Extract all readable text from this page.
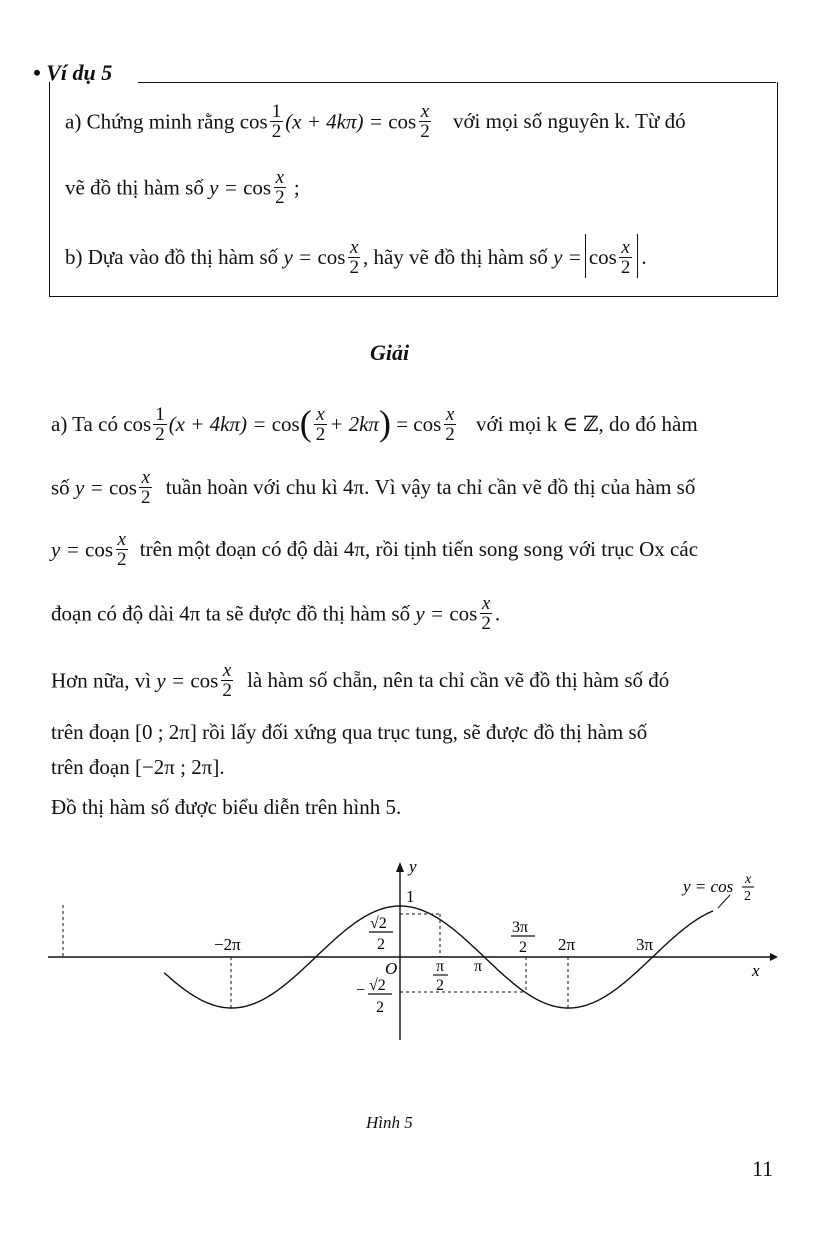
• Ví dụ 5
a) Chứng minh rằng $\cos \frac{1}{2} (x + 4k\pi) = \cos \frac{x}{2}$ với mọi số nguyên k. Từ đó
vẽ đồ thị hàm số $y = \cos \frac{x}{2}$ ;
b) Dựa vào đồ thị hàm số $y = \cos \frac{x}{2}$ , hãy vẽ đồ thị hàm số $y = \cos \frac{x}{2}$ .
Giải
a) Ta có $\cos \frac{1}{2} (x + 4k\pi) = \cos( \frac{x}{2} + 2k\pi) = \cos \frac{x}{2}$ với mọi k ∈ ℤ, do đó hàm
số $y = \cos \frac{x}{2}$ tuần hoàn với chu kì 4π. Vì vậy ta chỉ cần vẽ đồ thị của hàm số
$y = \cos \frac{x}{2}$ trên một đoạn có độ dài 4π, rồi tịnh tiến song song với trục Ox các
đoạn có độ dài 4π ta sẽ được đồ thị hàm số $y = \cos \frac{x}{2}$ .
Hơn nữa, vì $y = \cos \frac{x}{2}$ là hàm số chẵn, nên ta chỉ cần vẽ đồ thị hàm số đó
trên đoạn [0 ; 2π] rồi lấy đối xứng qua trục tung, sẽ được đồ thị hàm số
trên đoạn [−2π ; 2π].
Đồ thị hàm số được biểu diễn trên hình 5.
y
x
O
1
√2
2
− √2
2
−2π
π
2
π
3π
2 2π	3π
y = cos x
2
Hình 5
11
